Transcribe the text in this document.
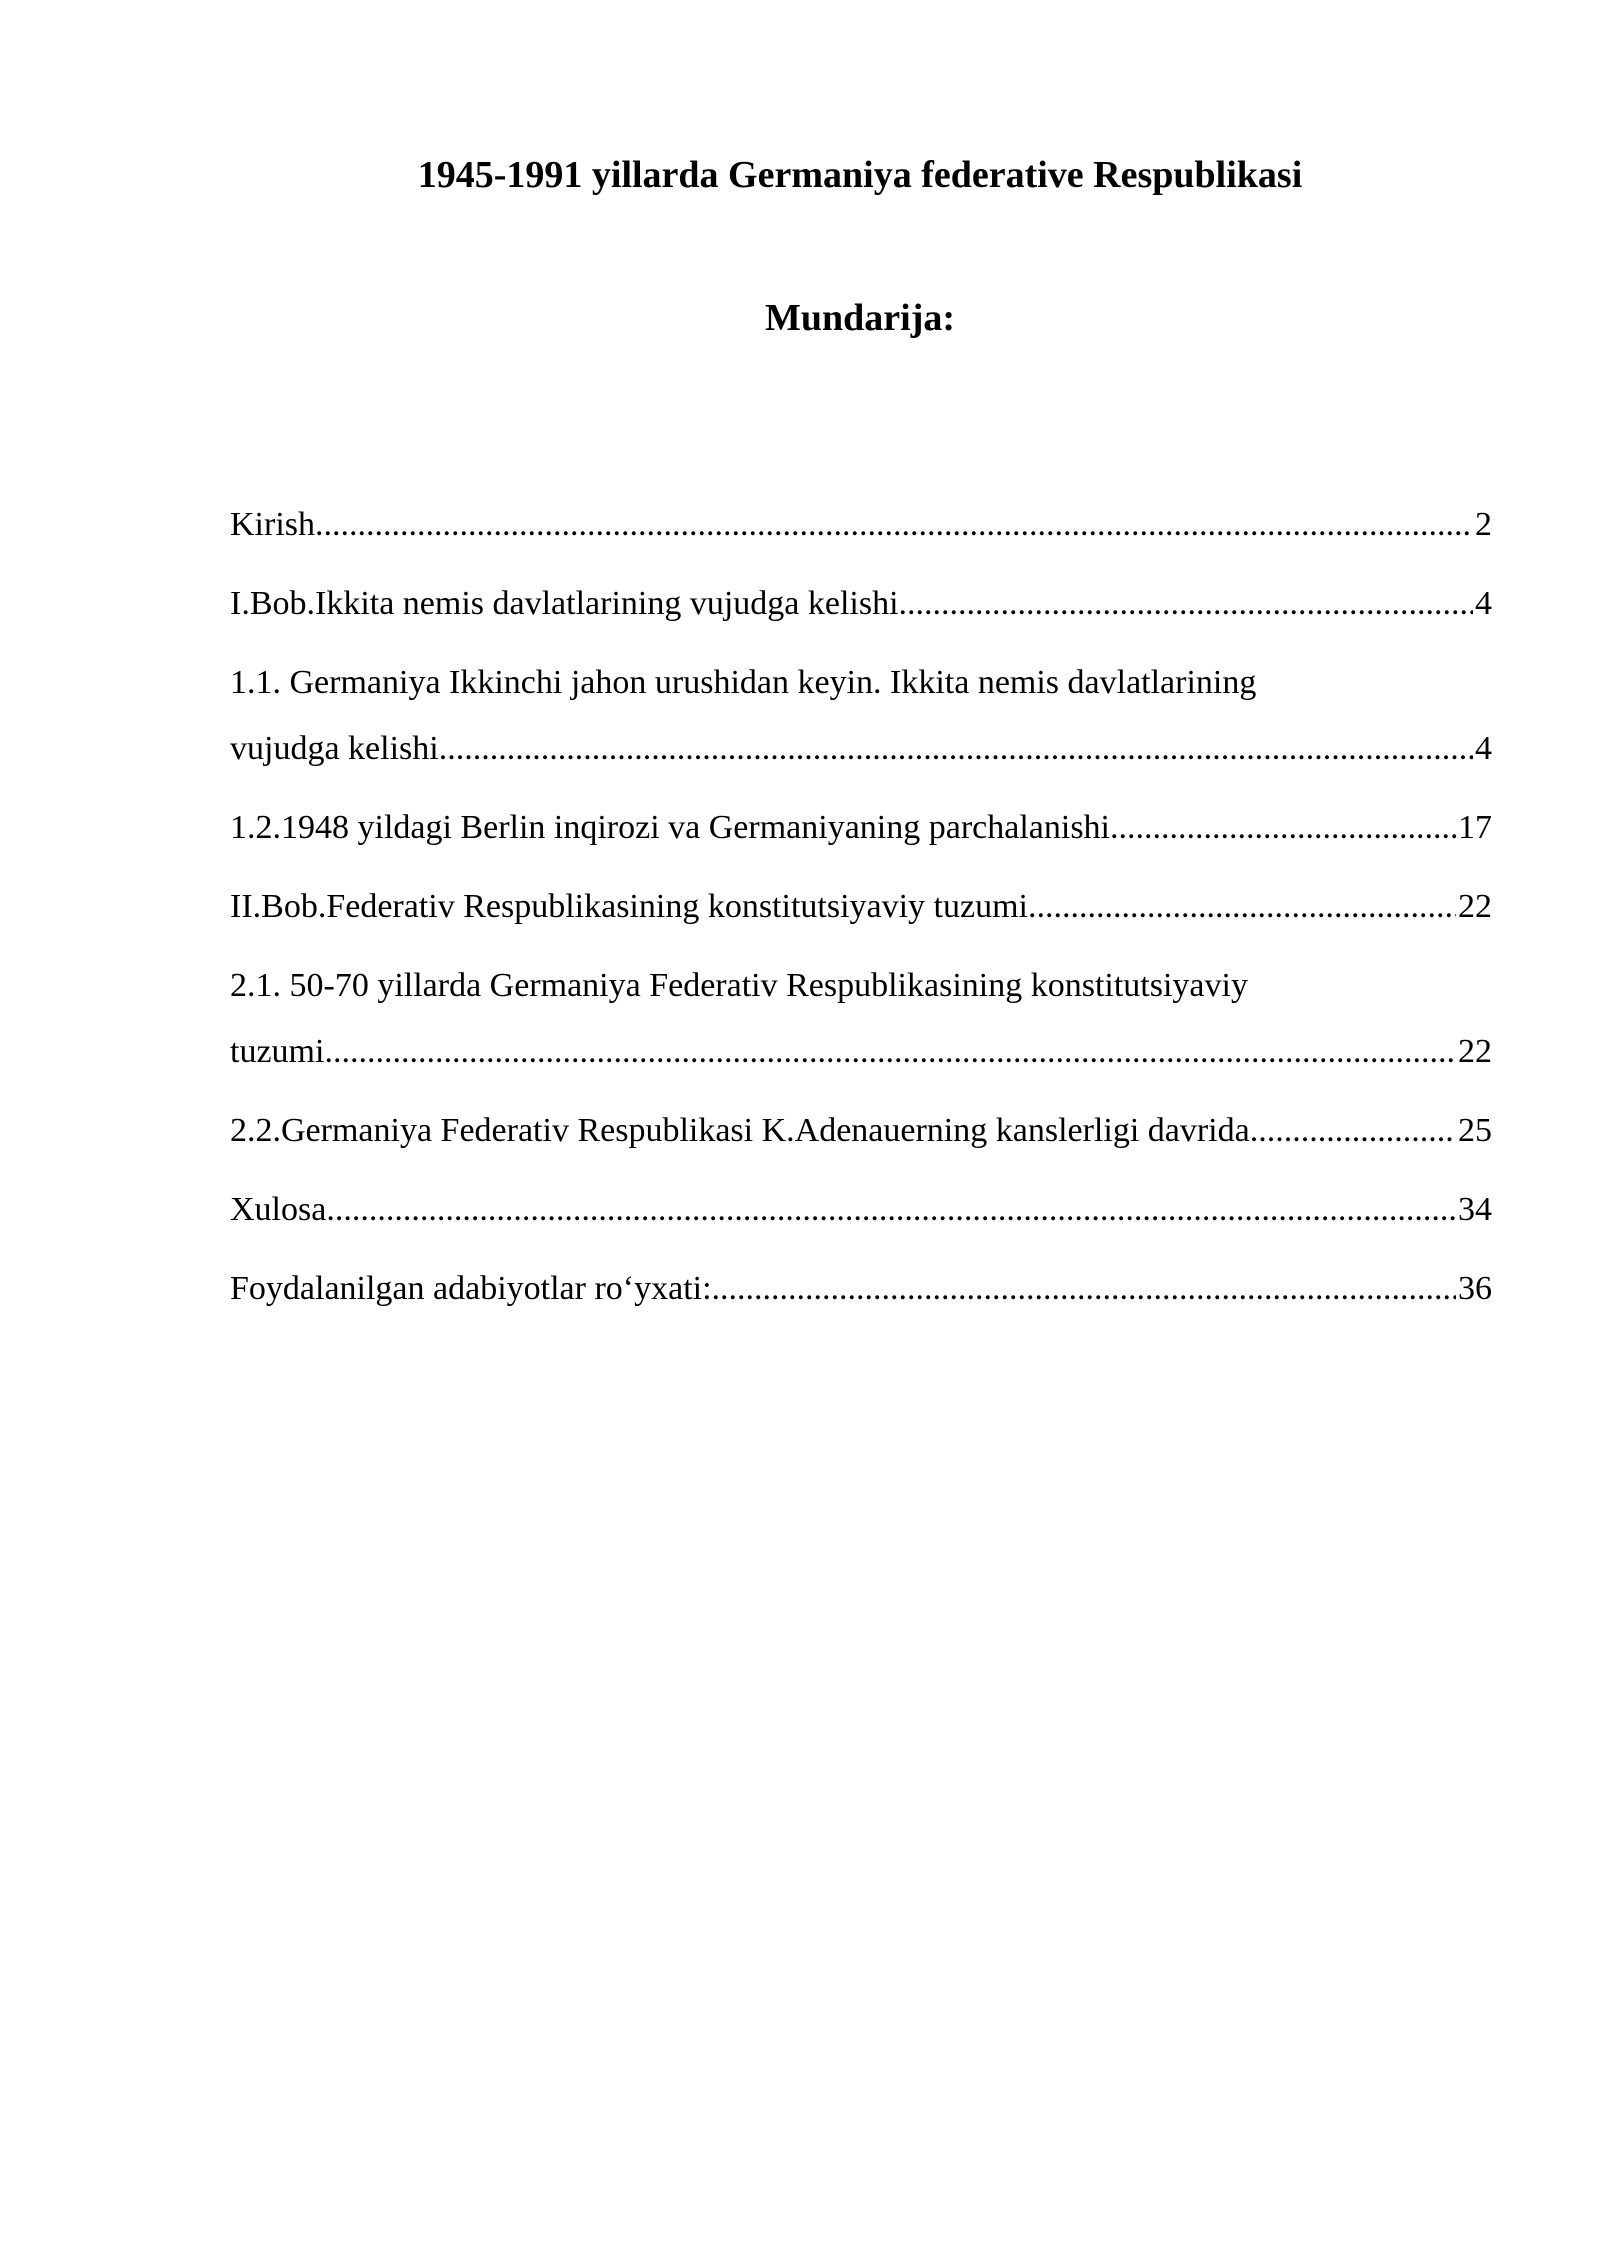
1945-1991 yillarda Germaniya federative Respublikasi
Mundarija:
Kirish .....	2
I.Bob.Ikkita nemis davlatlarining vujudga kelishi .....	4
1.1. Germaniya Ikkinchi jahon urushidan keyin. Ikkita nemis davlatlarining
vujudga kelishi .....	4
1.2.1948 yildagi Berlin inqirozi va Germaniyaning parchalanishi .....	17
II.Bob.Federativ Respublikasining konstitutsiyaviy tuzumi .....	22
2.1. 50-70 yillarda Germaniya Federativ Respublikasining konstitutsiyaviy
tuzumi .....	22
2.2.Germaniya Federativ Respublikasi K.Adenauerning kanslerligi davrida .....	25
Xulosa .....	34
Foydalanilgan adabiyotlar ro‘yxati: .....	36
